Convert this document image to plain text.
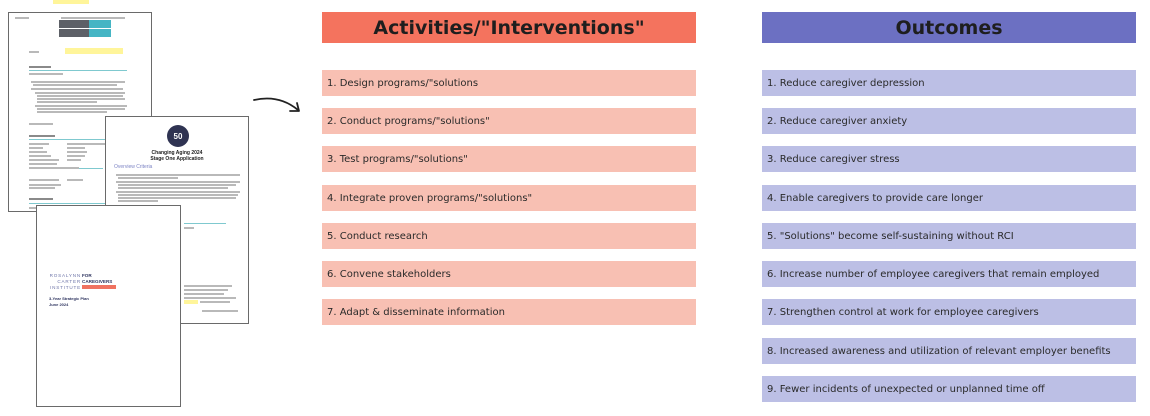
50
Changing Aging 2024
Stage One Application
Overview Criteria
ROSALYNN
CARTER
INSTITUTE
FOR
CAREGIVERS
3-Year Strategic Plan
June 2024
Activities/"Interventions"
1. Design programs/"solutions
2. Conduct programs/"solutions"
3. Test programs/"solutions"
4. Integrate proven programs/"solutions"
5. Conduct research
6. Convene stakeholders
7. Adapt & disseminate information
Outcomes
1. Reduce caregiver depression
2. Reduce caregiver anxiety
3. Reduce caregiver stress
4. Enable caregivers to provide care longer
5. "Solutions" become self-sustaining without RCI
6. Increase number of employee caregivers that remain employed
7. Strengthen control at work for employee caregivers
8. Increased awareness and utilization of relevant employer benefits
9. Fewer incidents of unexpected or unplanned time off
